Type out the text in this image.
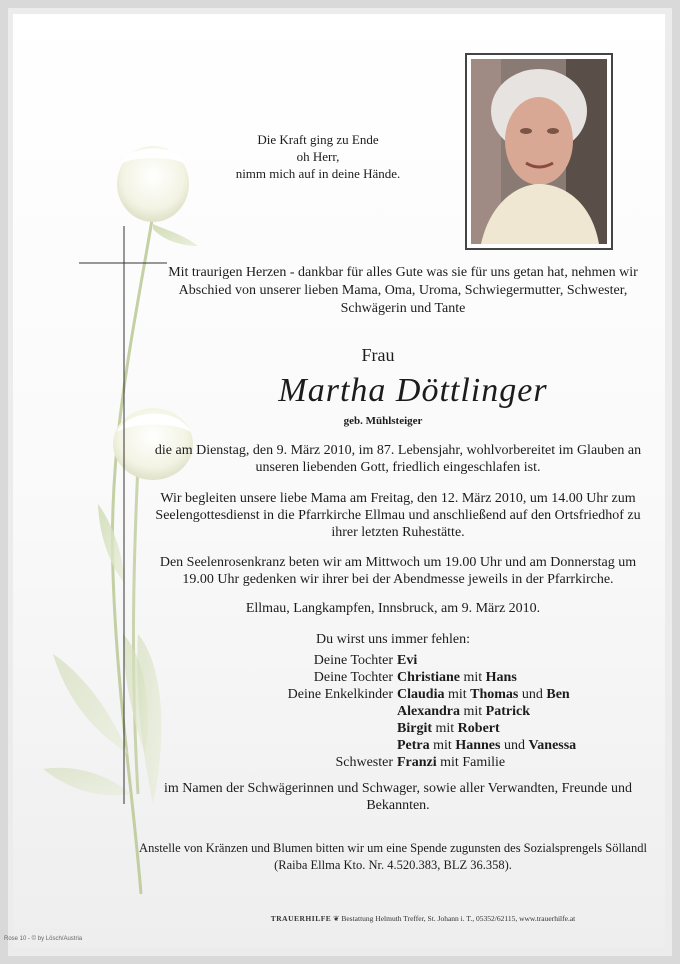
Die Kraft ging zu Ende
oh Herr,
nimm mich auf in deine Hände.
Mit traurigen Herzen - dankbar für alles Gute was sie für uns getan hat, nehmen wir Abschied von unserer lieben Mama, Oma, Uroma, Schwiegermutter, Schwester, Schwägerin und Tante
Frau
Martha Döttlinger
geb. Mühlsteiger
die am Dienstag, den 9. März 2010, im 87. Lebensjahr, wohlvorbereitet im Glauben an unseren liebenden Gott, friedlich eingeschlafen ist.
Wir begleiten unsere liebe Mama am Freitag, den 12. März 2010, um 14.00 Uhr zum Seelengottesdienst in die Pfarrkirche Ellmau und anschließend auf den Ortsfriedhof zu ihrer letzten Ruhestätte.
Den Seelenrosenkranz beten wir am Mittwoch um 19.00 Uhr und am Donnerstag um 19.00 Uhr gedenken wir ihrer bei der Abendmesse jeweils in der Pfarrkirche.
Ellmau, Langkampfen, Innsbruck, am 9. März 2010.
Du wirst uns immer fehlen:
Deine Tochter Evi
Deine Tochter Christiane mit Hans
Deine Enkelkinder Claudia mit Thomas und Ben
Alexandra mit Patrick
Birgit mit Robert
Petra mit Hannes und Vanessa
Schwester Franzi mit Familie
im Namen der Schwägerinnen und Schwager, sowie aller Verwandten, Freunde und Bekannten.
Anstelle von Kränzen und Blumen bitten wir um eine Spende zugunsten des Sozialsprengels Söllandl (Raiba Ellma Kto. Nr. 4.520.383, BLZ 36.358).
TRAUERHILFE ❦ Bestattung Helmuth Treffer, St. Johann i. T., 05352/62115, www.trauerhilfe.at
Rose 10 - © by Lösch/Austria
